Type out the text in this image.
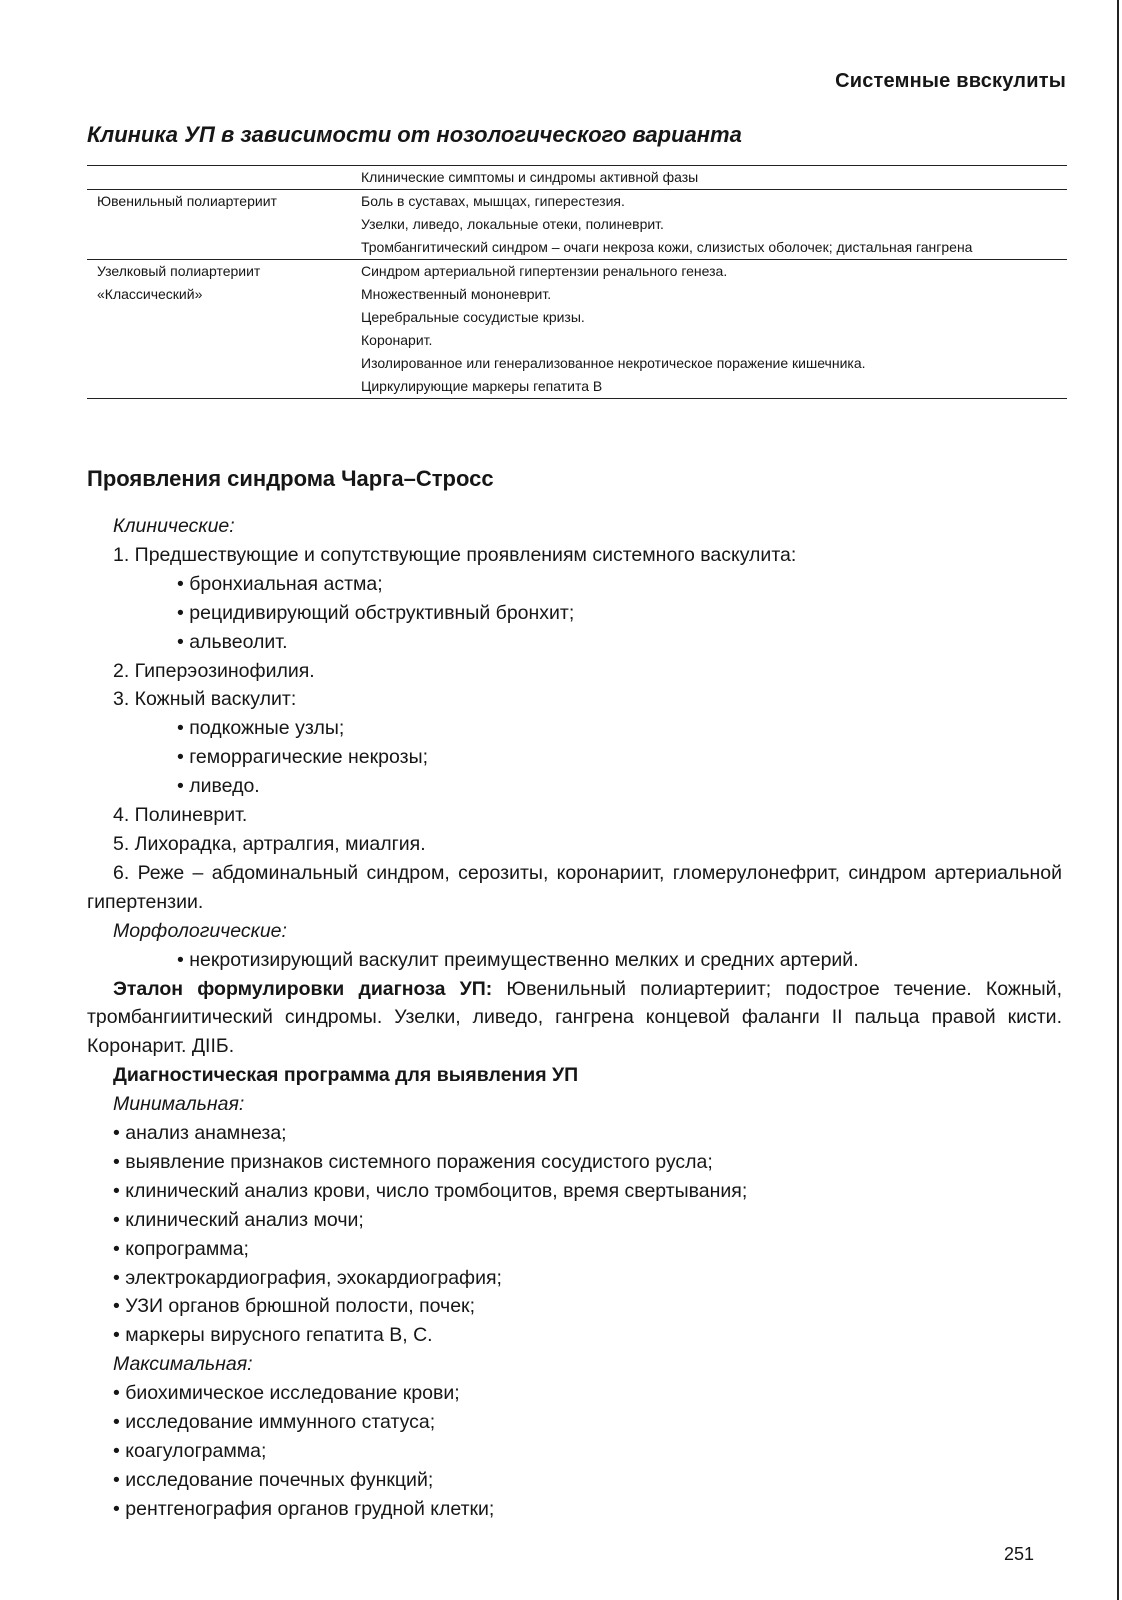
Системные ввскулиты
Клиника УП в зависимости от нозологического варианта
Клинические симптомы и синдромы активной фазы
Ювенильный полиартериит	Боль в суставах, мышцах, гиперестезия.
Узелки, ливедо, локальные отеки, полиневрит.
Тромбангитический синдром – очаги некроза кожи, слизистых оболочек; дистальная гангрена
Узелковый полиартериит
«Классический»
Синдром артериальной гипертензии ренального генеза.
Множественный мононеврит.
Церебральные сосудистые кризы.
Коронарит.
Изолированное или генерализованное некротическое поражение кишечника.
Циркулирующие маркеры гепатита В
Проявления синдрома Чарга–Стросс
Клинические:
1. Предшествующие и сопутствующие проявлениям системного васкулита:
• бронхиальная астма;
• рецидивирующий обструктивный бронхит;
• альвеолит.
2. Гиперэозинофилия.
3. Кожный васкулит:
• подкожные узлы;
• геморрагические некрозы;
• ливедо.
4. Полиневрит.
5. Лихорадка, артралгия, миалгия.
6. Реже – абдоминальный синдром, серозиты, коронариит, гломерулонефрит, синдром артериальной гипертензии.
Морфологические:
• некротизирующий васкулит преимущественно мелких и средних артерий.
Эталон формулировки диагноза УП: Ювенильный полиартериит; подострое течение. Кожный, тромбангиитический синдромы. Узелки, ливедо, гангрена концевой фаланги II пальца правой кисти. Коронарит. ДIIБ.
Диагностическая программа для выявления УП
Минимальная:
• анализ анамнеза;
• выявление признаков системного поражения сосудистого русла;
• клинический анализ крови, число тромбоцитов, время свертывания;
• клинический анализ мочи;
• копрограмма;
• электрокардиография, эхокардиография;
• УЗИ органов брюшной полости, почек;
• маркеры вирусного гепатита В, С.
Максимальная:
• биохимическое исследование крови;
• исследование иммунного статуса;
• коагулограмма;
• исследование почечных функций;
• рентгенография органов грудной клетки;
251
